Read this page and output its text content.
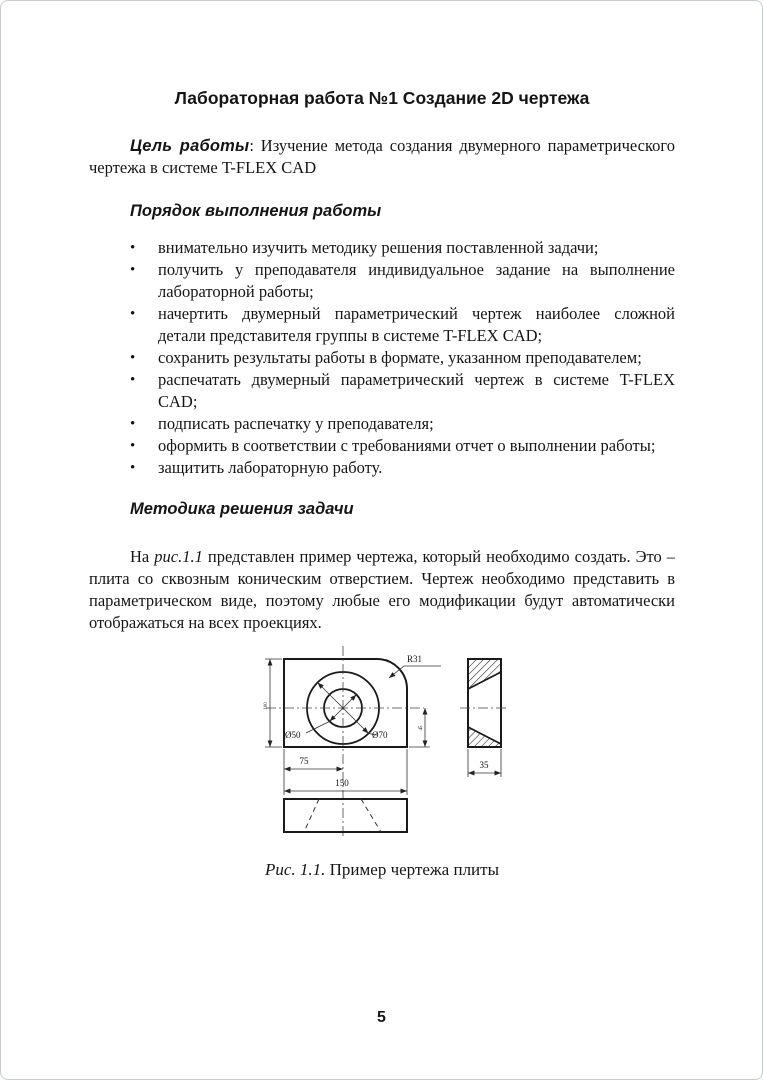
Лабораторная работа №1 Создание 2D чертежа

Цель работы: Изучение метода создания двумерного параметрического чертежа в системе T-FLEX CAD

Порядок выполнения работы
• внимательно изучить методику решения поставленной задачи;
• получить у преподавателя индивидуальное задание на выполнение лабораторной работы;
• начертить двумерный параметрический чертеж наиболее сложной детали представителя группы в системе T-FLEX CAD;
• сохранить результаты работы в формате, указанном преподавателем;
• распечатать двумерный параметрический чертеж в системе T-FLEX CAD;
• подписать распечатку у преподавателя;
• оформить в соответствии с требованиями отчет о выполнении работы;
• защитить лабораторную работу.
Методика решения задачи

На рис.1.1 представлен пример чертежа, который необходимо создать. Это – плита со сквозным коническим отверстием. Чертеж необходимо представить в параметрическом виде, поэтому любые его модификации будут автоматически отображаться на всех проекциях.

Ø50	Ø70
R31
100
45
75
150
35

Рис. 1.1. Пример чертежа плиты

5
